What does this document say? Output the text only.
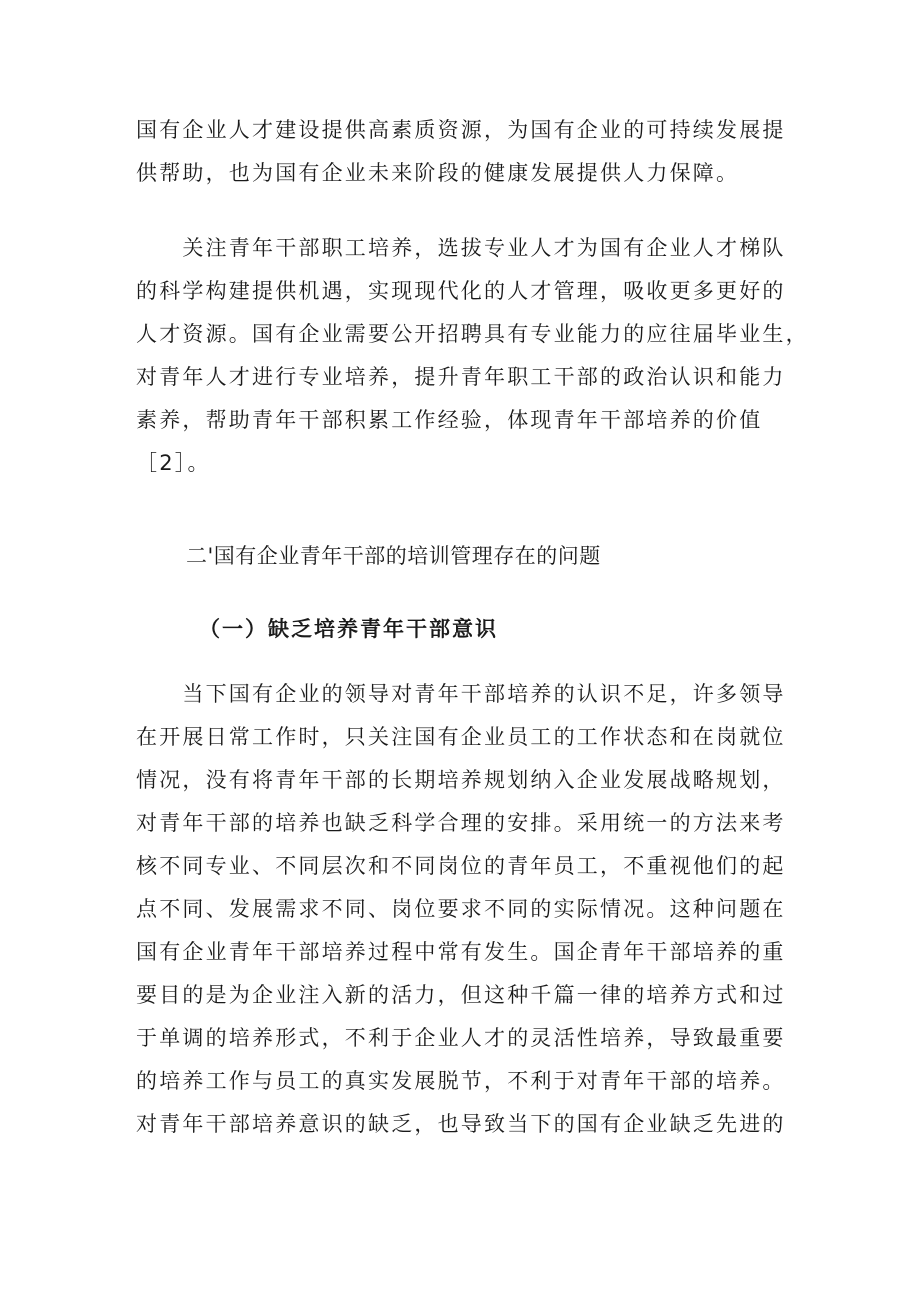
国有企业人才建设提供高素质资源，为国有企业的可持续发展提
供帮助，也为国有企业未来阶段的健康发展提供人力保障。

　　关注青年干部职工培养，选拔专业人才为国有企业人才梯队
的科学构建提供机遇，实现现代化的人才管理，吸收更多更好的
人才资源。国有企业需要公开招聘具有专业能力的应往届毕业生，
对青年人才进行专业培养，提升青年职工干部的政治认识和能力
素养，帮助青年干部积累工作经验，体现青年干部培养的价值
［2］。

二'国有企业青年干部的培训管理存在的问题
（一）缺乏培养青年干部意识

　　当下国有企业的领导对青年干部培养的认识不足，许多领导
在开展日常工作时，只关注国有企业员工的工作状态和在岗就位
情况，没有将青年干部的长期培养规划纳入企业发展战略规划，
对青年干部的培养也缺乏科学合理的安排。采用统一的方法来考
核不同专业、不同层次和不同岗位的青年员工，不重视他们的起
点不同、发展需求不同、岗位要求不同的实际情况。这种问题在
国有企业青年干部培养过程中常有发生。国企青年干部培养的重
要目的是为企业注入新的活力，但这种千篇一律的培养方式和过
于单调的培养形式，不利于企业人才的灵活性培养，导致最重要
的培养工作与员工的真实发展脱节，不利于对青年干部的培养。
对青年干部培养意识的缺乏，也导致当下的国有企业缺乏先进的
